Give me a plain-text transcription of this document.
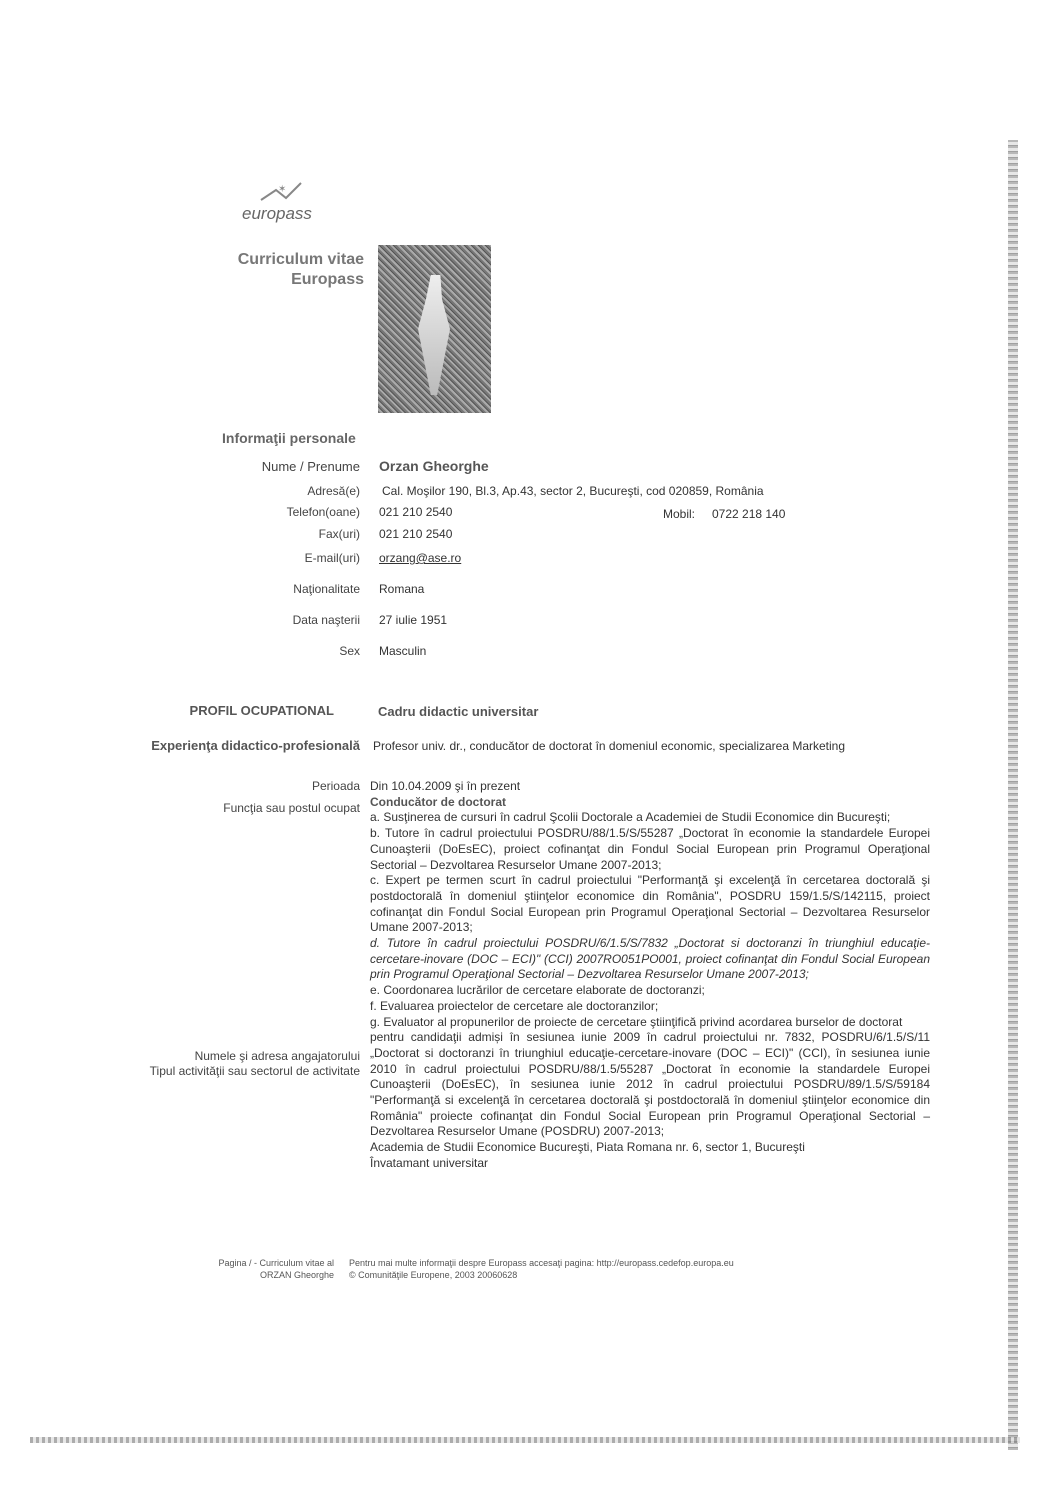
✶
europass
Curriculum vitae
Europass
Informaţii personale
Nume / Prenume Orzan Gheorghe
Adresă(e) Cal. Moşilor 190, Bl.3, Ap.43, sector 2, Bucureşti, cod 020859, România
Telefon(oane) 021 210 2540	Mobil: 0722 218 140
Fax(uri) 021 210 2540
E-mail(uri) orzang@ase.ro
Naţionalitate Romana
Data naşterii 27 iulie 1951
Sex Masculin
PROFIL OCUPATIONAL	Cadru didactic universitar
Experienţa didactico-profesională Profesor univ. dr., conducător de doctorat în domeniul economic, specializarea Marketing
Perioada
Funcţia sau postul ocupat
Numele şi adresa angajatorului
Tipul activităţii sau sectorul de activitate

Din 10.04.2009 şi în prezent

Conducător de doctorat

a. Susţinerea de cursuri în cadrul Şcolii Doctorale a Academiei de Studii Economice din Bucureşti;

b. Tutore în cadrul proiectului POSDRU/88/1.5/S/55287 „Doctorat în economie la standardele Europei Cunoaşterii (DoEsEC), proiect cofinanţat din Fondul Social European prin Programul Operaţional Sectorial – Dezvoltarea Resurselor Umane 2007-2013;

c. Expert pe termen scurt în cadrul proiectului "Performanţă şi excelenţă în cercetarea doctorală şi postdoctorală în domeniul ştiinţelor economice din România", POSDRU 159/1.5/S/142115, proiect cofinanţat din Fondul Social European prin Programul Operaţional Sectorial – Dezvoltarea Resurselor Umane 2007-2013;

d. Tutore în cadrul proiectului POSDRU/6/1.5/S/7832 „Doctorat si doctoranzi în triunghiul educaţie-cercetare-inovare (DOC – ECI)" (CCI) 2007RO051PO001, proiect cofinanţat din Fondul Social European prin Programul Operaţional Sectorial – Dezvoltarea Resurselor Umane 2007-2013;

e. Coordonarea lucrărilor de cercetare elaborate de doctoranzi;

f. Evaluarea proiectelor de cercetare ale doctoranzilor;

g. Evaluator al propunerilor de proiecte de cercetare ştiinţifică privind acordarea burselor de doctorat

pentru candidaţii admiși în sesiunea iunie 2009 în cadrul proiectului nr. 7832, POSDRU/6/1.5/S/11 „Doctorat si doctoranzi în triunghiul educaţie-cercetare-inovare (DOC – ECI)" (CCI), în sesiunea iunie 2010 în cadrul proiectului POSDRU/88/1.5/55287 „Doctorat în economie la standardele Europei Cunoaşterii (DoEsEC), în sesiunea iunie 2012 în cadrul proiectului POSDRU/89/1.5/S/59184 "Performanţă si excelenţă în cercetarea doctorală şi postdoctorală în domeniul ştiinţelor economice din România" proiecte cofinanţat din Fondul Social European prin Programul Operaţional Sectorial – Dezvoltarea Resurselor Umane (POSDRU) 2007-2013;

Academia de Studii Economice Bucureşti, Piata Romana nr. 6, sector 1, Bucureşti

Învatamant universitar

Pagina / - Curriculum vitae al
ORZAN Gheorghe
Pentru mai multe informaţii despre Europass accesaţi pagina: http://europass.cedefop.europa.eu
© Comunităţile Europene, 2003 20060628
